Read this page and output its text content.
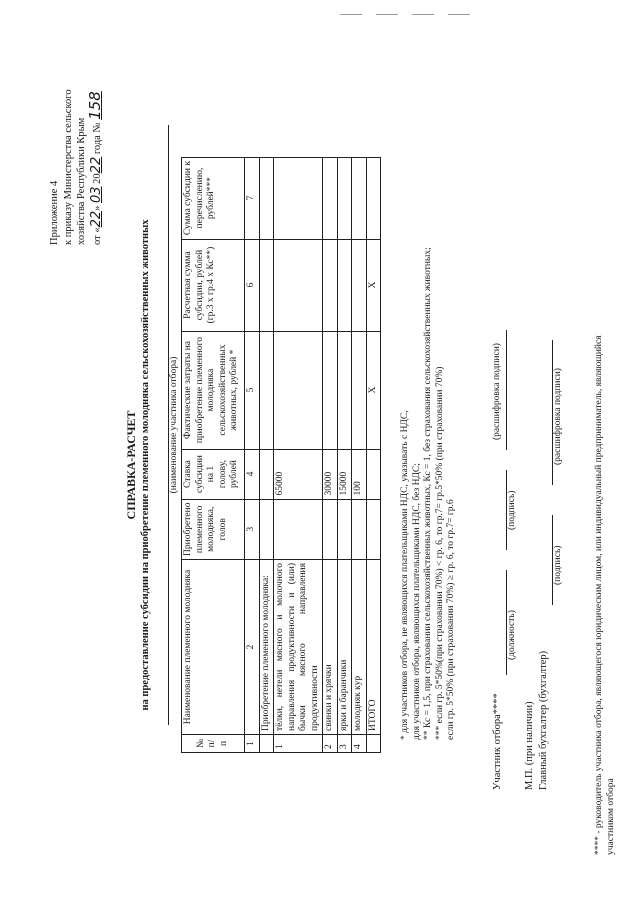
Приложение 4 к приказу Министерства сельского хозяйства Республики Крым от «22» 03 2022 года № 158
СПРАВКА-РАСЧЕТ на предоставление субсидии на приобретение племенного молодняка сельскохозяйственных животных (наименование участника отбора)
№ п/п	Наименование племенного молодняка	Приобретено племенного молодняка, голов	Ставка субсидии на 1 голову, рублей	Фактические затраты на приобретение племенного молодняка сельскохозяйственных животных, рублей *	Расчетная сумма субсидии, рублей (гр.3 х гр.4 х Кс**)	Сумма субсидии к перечислению, рублей***
1	2	3	4	5	6	7
	Приобретение племенного молодняка:					
1	тёлки, нетели мясного и молочного направления продуктивности и (или) бычки мясного направления продуктивности		65000			
2	свинки и хрячки		30000			
3	ярки и баранчики		15000			
4	молодняк кур		100			
	ИТОГО			Х	Х	
* для участников отбора, не являющихся плательщиками НДС, указывать с НДС, для участников отбора, являющихся плательщиками НДС, без НДС; ** Кс = 1,5, при страховании сельскохозяйственных животных, Кс = 1, без страхования сельскохозяйственных животных; *** если гр. 5*50%(при страховании 70%) < гр. 6, то гр.7= гр.5*50% (при страховании 70%) если гр. 5*50% (при страховании 70%) ≥ гр. 6, то гр.7= гр.6
Участник отбора****
(должность)
(подпись)
(расшифровка подписи)
М.П. (при наличии) Главный бухгалтер (бухгалтер)
(подпись)
(расшифровка подписи)	**** - руководитель участника отбора, являющегося юридическим лицом, или индивидуальный предприниматель, являющийся участником отбора
